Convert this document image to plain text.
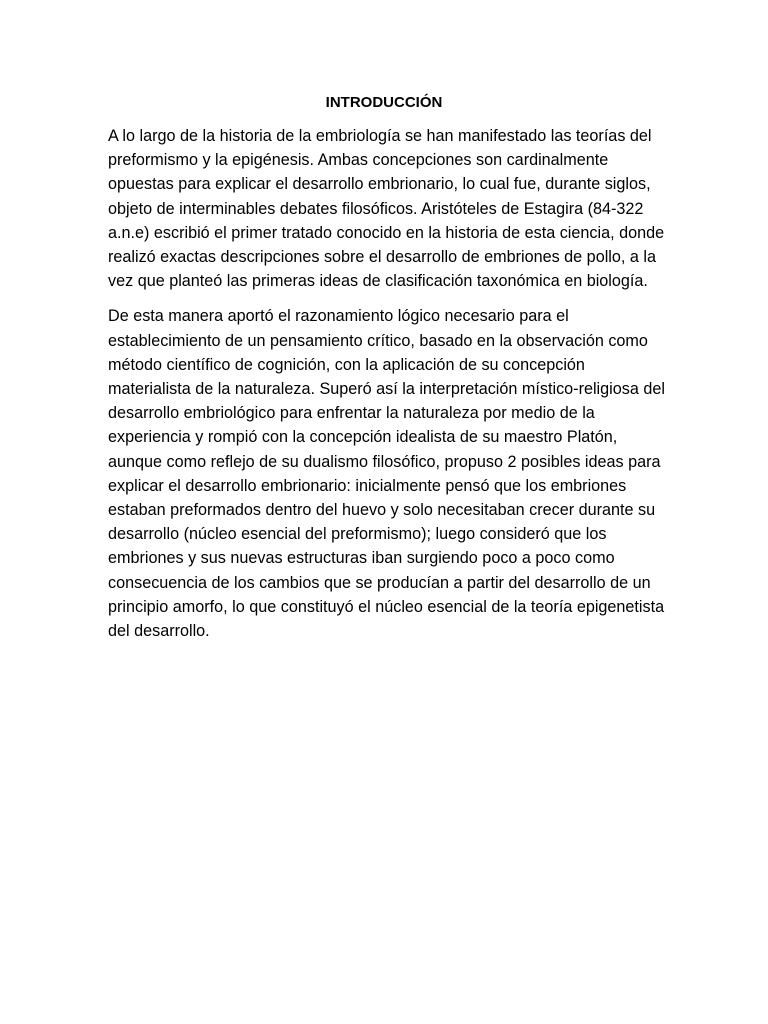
INTRODUCCIÓN

A lo largo de la historia de la embriología se han manifestado las teorías del preformismo y la epigénesis. Ambas concepciones son cardinalmente opuestas para explicar el desarrollo embrionario, lo cual fue, durante siglos, objeto de interminables debates filosóficos. Aristóteles de Estagira (84-322 a.n.e) escribió el primer tratado conocido en la historia de esta ciencia, donde realizó exactas descripciones sobre el desarrollo de embriones de pollo, a la vez que planteó las primeras ideas de clasificación taxonómica en biología.

De esta manera aportó el razonamiento lógico necesario para el establecimiento de un pensamiento crítico, basado en la observación como método científico de cognición, con la aplicación de su concepción materialista de la naturaleza. Superó así la interpretación místico-religiosa del desarrollo embriológico para enfrentar la naturaleza por medio de la experiencia y rompió con la concepción idealista de su maestro Platón, aunque como reflejo de su dualismo filosófico, propuso 2 posibles ideas para explicar el desarrollo embrionario: inicialmente pensó que los embriones estaban preformados dentro del huevo y solo necesitaban crecer durante su desarrollo (núcleo esencial del preformismo); luego consideró que los embriones y sus nuevas estructuras iban surgiendo poco a poco como consecuencia de los cambios que se producían a partir del desarrollo de un principio amorfo, lo que constituyó el núcleo esencial de la teoría epigenetista del desarrollo.
